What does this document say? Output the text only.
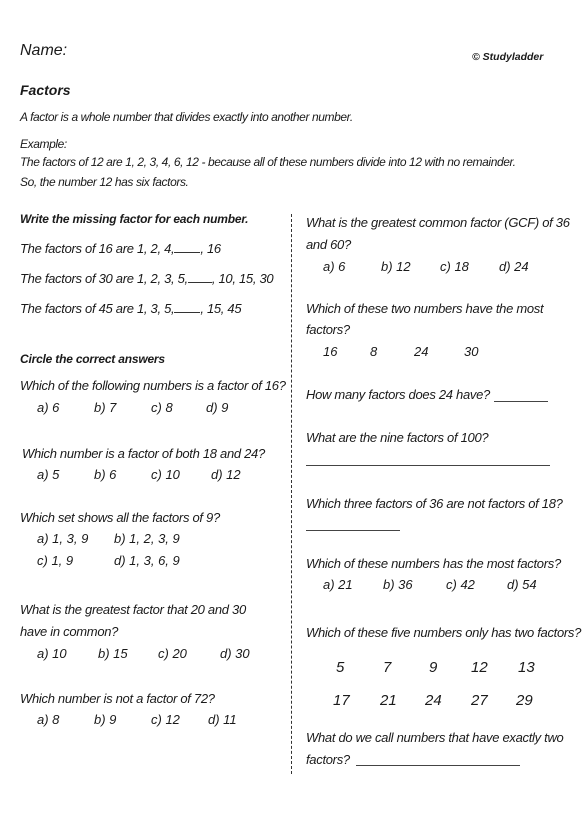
Name:	© Studyladder
Factors
A factor is a whole number that divides exactly into another number.
Example:
The factors of 12 are 1, 2, 3, 4, 6, 12 - because all of these numbers divide into 12 with no remainder.
So, the number 12 has six factors.
Write the missing factor for each number.
The factors of 16 are 1, 2, 4, , 16
The factors of 30 are 1, 2, 3, 5, , 10, 15, 30
The factors of 45 are 1, 3, 5, , 15, 45
Circle the correct answers
Which of the following numbers is a factor of 16?
a) 6	b) 7	c) 8	d) 9
Which number is a factor of both 18 and 24?
a) 5	b) 6	c) 10 d) 12
Which set shows all the factors of 9?
a) 1, 3, 9 b) 1, 2, 3, 9
c) 1, 9	d) 1, 3, 6, 9
What is the greatest factor that 20 and 30
have in common?
a) 10 b) 15 c) 20	d) 30
Which number is not a factor of 72?
a) 8	b) 9	c) 12 d) 11
What is the greatest common factor (GCF) of 36
and 60?
a) 6	b) 12 c) 18 d) 24
Which of these two numbers have the most
factors?
16	8	24	30
How many factors does 24 have?
What are the nine factors of 100?
Which three factors of 36 are not factors of 18?
Which of these numbers has the most factors?
a) 21 b) 36	c) 42 d) 54
Which of these five numbers only has two factors?
5	7	9 12 13
17 21 24 27 29
What do we call numbers that have exactly two
factors?
